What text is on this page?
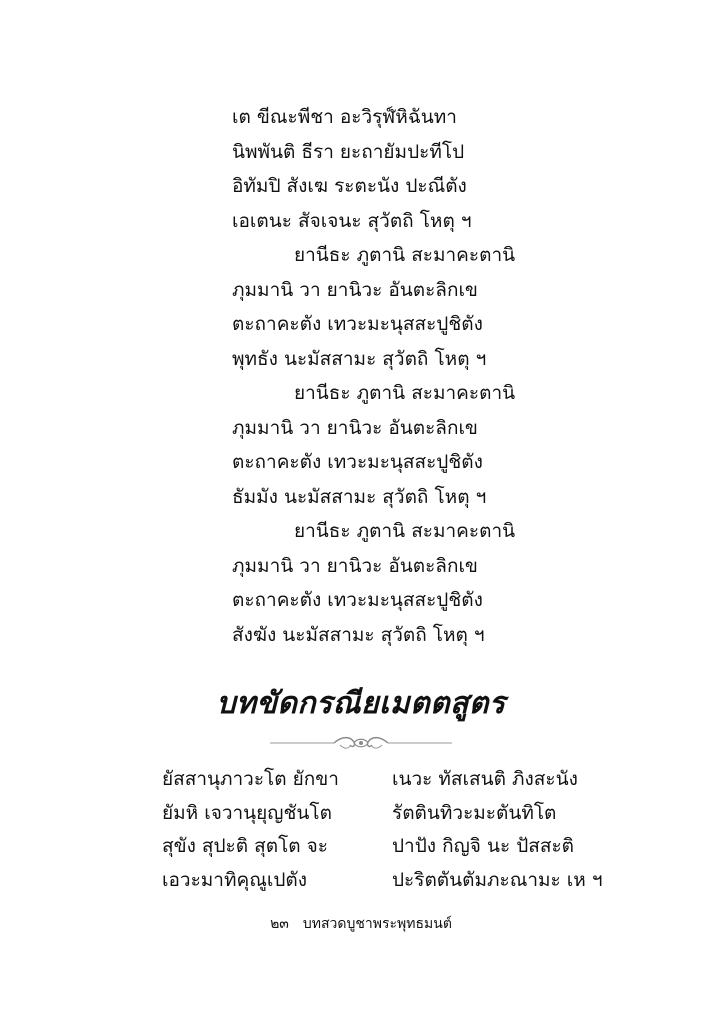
เต ขีณะพีชา อะวิรุฬ์หิฉันทา
นิพพันติ ธีรา ยะถายัมปะทีโป
อิทัมปิ สังเฆ ระตะนัง ปะณีตัง
เอเตนะ สัจเจนะ สุวัตถิ โหตุ ฯ
ยานีธะ ภูตานิ สะมาคะตานิ
ภุมมานิ วา ยานิวะ อันตะลิกเข
ตะถาคะตัง เทวะมะนุสสะปูชิตัง
พุทธัง นะมัสสามะ สุวัตถิ โหตุ ฯ
ยานีธะ ภูตานิ สะมาคะตานิ
ภุมมานิ วา ยานิวะ อันตะลิกเข
ตะถาคะตัง เทวะมะนุสสะปูชิตัง
ธัมมัง นะมัสสามะ สุวัตถิ โหตุ ฯ
ยานีธะ ภูตานิ สะมาคะตานิ
ภุมมานิ วา ยานิวะ อันตะลิกเข
ตะถาคะตัง เทวะมะนุสสะปูชิตัง
สังฆัง นะมัสสามะ สุวัตถิ โหตุ ฯ
บทขัดกรณียเมตตสูตร
ยัสสานุภาวะโต ยักขา
ยัมหิ เจวานุยุญชันโต
สุขัง สุปะติ สุตโต จะ
เอวะมาทิคุณูเปตัง
เนวะ ทัสเสนติ ภิงสะนัง
รัตตินทิวะมะตันทิโต
ปาปัง กิญจิ นะ ปัสสะติ
ปะริตตันตัมภะณามะ เห ฯ
๒๓ บทสวดบูชาพระพุทธมนต์
